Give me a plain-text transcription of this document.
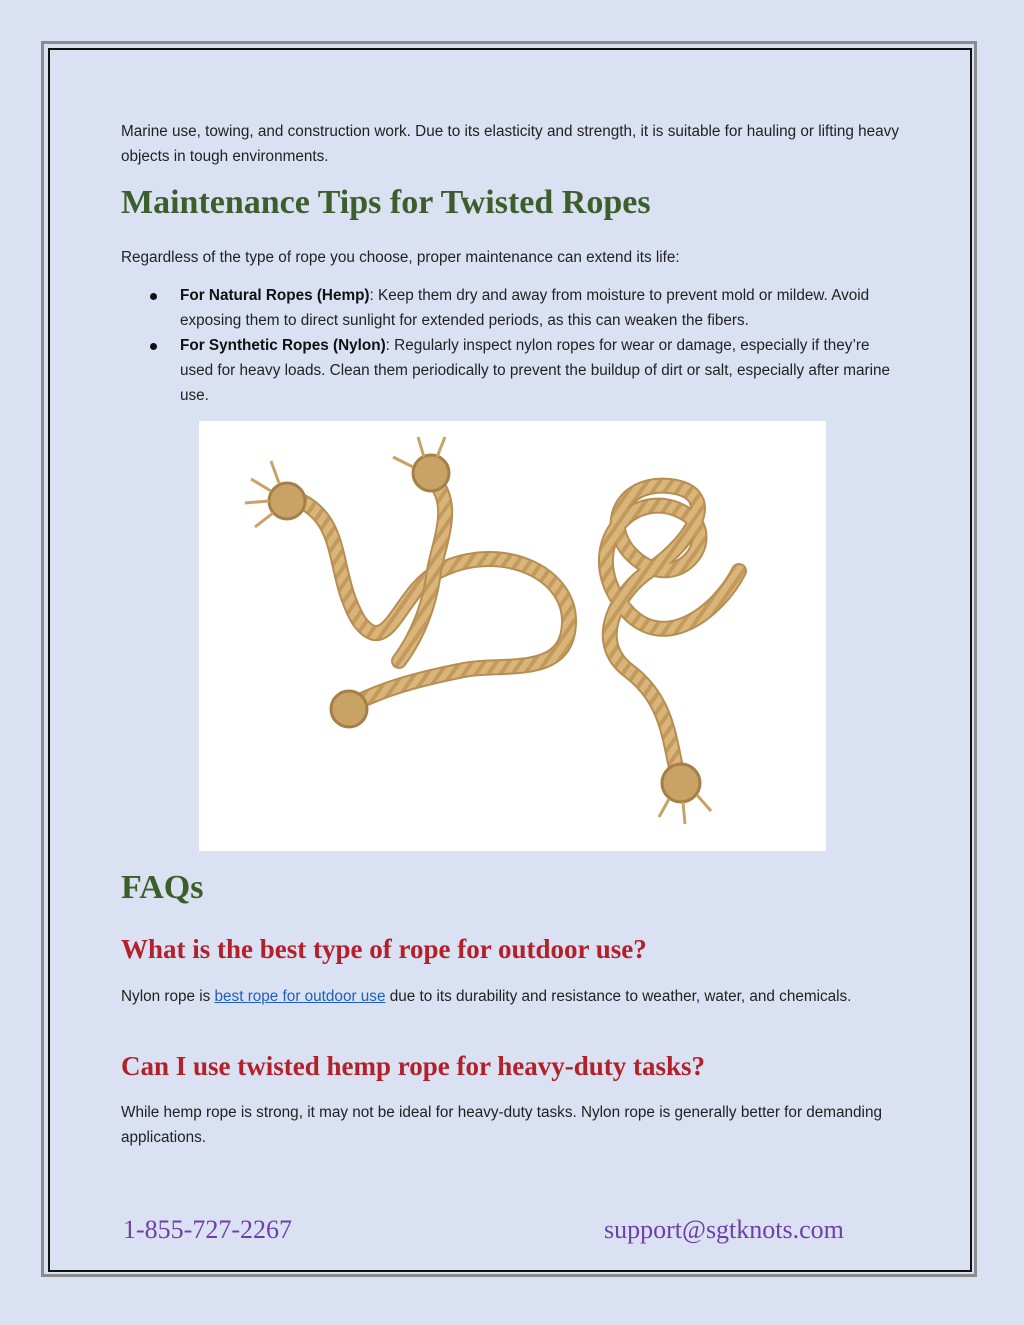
Marine use, towing, and construction work. Due to its elasticity and strength, it is suitable for hauling or lifting heavy objects in tough environments.

Maintenance Tips for Twisted Ropes

Regardless of the type of rope you choose, proper maintenance can extend its life:

For Natural Ropes (Hemp): Keep them dry and away from moisture to prevent mold or mildew. Avoid exposing them to direct sunlight for extended periods, as this can weaken the fibers.
For Synthetic Ropes (Nylon): Regularly inspect nylon ropes for wear or damage, especially if they’re used for heavy loads. Clean them periodically to prevent the buildup of dirt or salt, especially after marine use.
FAQs
What is the best type of rope for outdoor use?

Nylon rope is best rope for outdoor use due to its durability and resistance to weather, water, and chemicals.

Can I use twisted hemp rope for heavy-duty tasks?

While hemp rope is strong, it may not be ideal for heavy-duty tasks. Nylon rope is generally better for demanding applications.

1-855-727-2267	support@sgtknots.com
